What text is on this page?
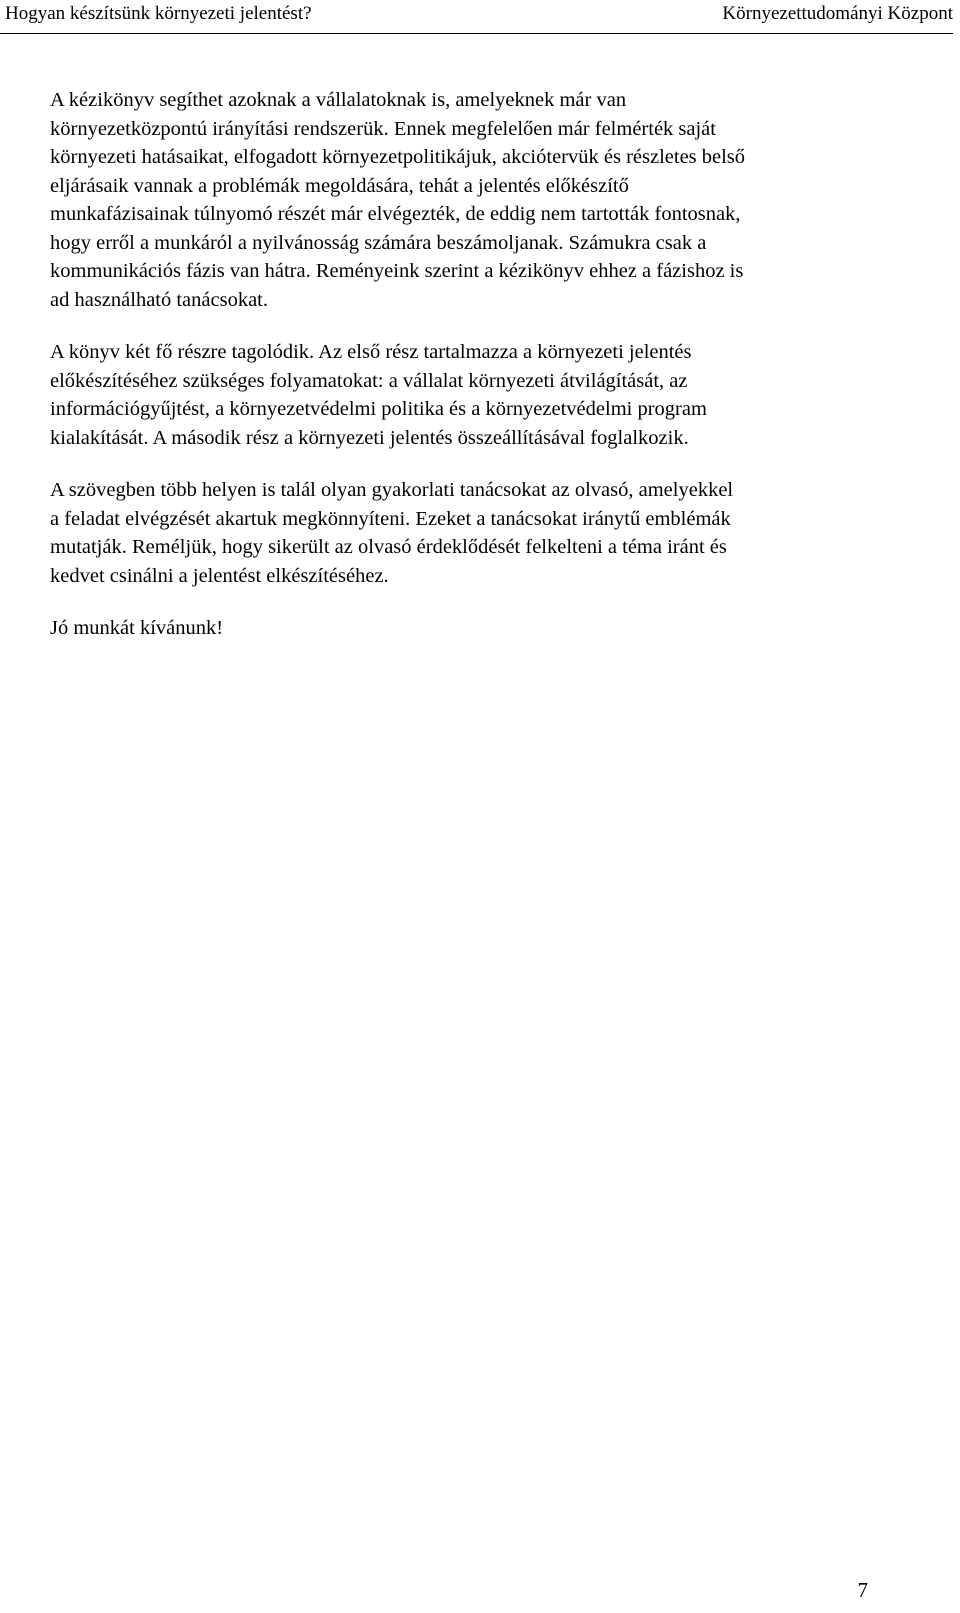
Hogyan készítsünk környezeti jelentést?	Környezettudományi Központ

A kézikönyv segíthet azoknak a vállalatoknak is, amelyeknek már van
környezetközpontú irányítási rendszerük. Ennek megfelelően már felmérték saját
környezeti hatásaikat, elfogadott környezetpolitikájuk, akciótervük és részletes belső
eljárásaik vannak a problémák megoldására, tehát a jelentés előkészítő
munkafázisainak túlnyomó részét már elvégezték, de eddig nem tartották fontosnak,
hogy erről a munkáról a nyilvánosság számára beszámoljanak. Számukra csak a
kommunikációs fázis van hátra. Reményeink szerint a kézikönyv ehhez a fázishoz is
ad használható tanácsokat.

A könyv két fő részre tagolódik. Az első rész tartalmazza a környezeti jelentés
előkészítéséhez szükséges folyamatokat: a vállalat környezeti átvilágítását, az
információgyűjtést, a környezetvédelmi politika és a környezetvédelmi program
kialakítását. A második rész a környezeti jelentés összeállításával foglalkozik.

A szövegben több helyen is talál olyan gyakorlati tanácsokat az olvasó, amelyekkel
a feladat elvégzését akartuk megkönnyíteni. Ezeket a tanácsokat iránytű emblémák
mutatják. Reméljük, hogy sikerült az olvasó érdeklődését felkelteni a téma iránt és
kedvet csinálni a jelentést elkészítéséhez.

Jó munkát kívánunk!

7
